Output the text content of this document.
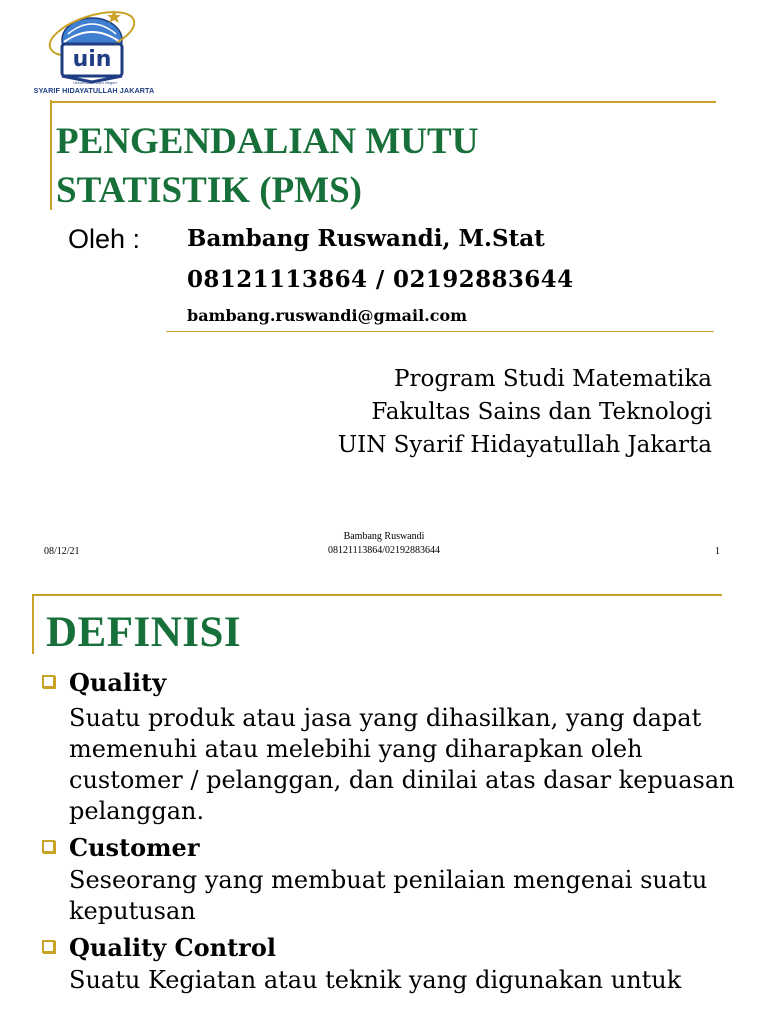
uin
Universitas Islam Negeri
SYARIF HIDAYATULLAH JAKARTA
PENGENDALIAN MUTU
STATISTIK (PMS)
Oleh : Bambang Ruswandi, M.Stat
08121113864 / 02192883644
bambang.ruswandi@gmail.com
Program Studi Matematika
Fakultas Sains dan Teknologi
UIN Syarif Hidayatullah Jakarta
08/12/21
Bambang Ruswandi
08121113864/02192883644	1
DEFINISI
Quality
Suatu produk atau jasa yang dihasilkan, yang dapat memenuhi atau melebihi yang diharapkan oleh customer / pelanggan, dan dinilai atas dasar kepuasan pelanggan.
Customer
Seseorang yang membuat penilaian mengenai suatu keputusan
Quality Control
Suatu Kegiatan atau teknik yang digunakan untuk
